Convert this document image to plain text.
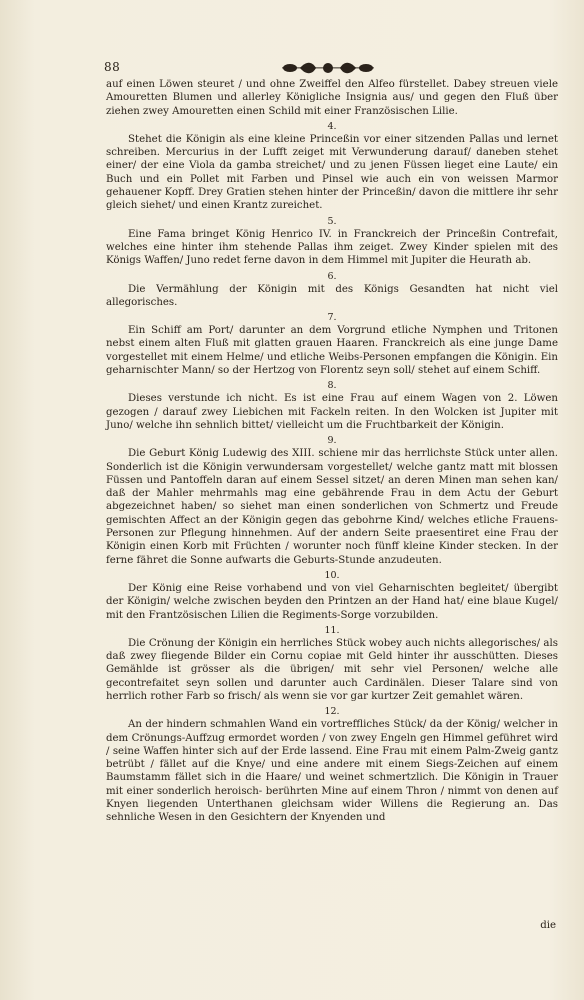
88

auf einen Löwen steuret / und ohne Zweiffel den Alfeo fürstellet. Dabey streuen viele Amouretten Blumen und allerley Königliche Insignia aus/ und gegen den Fluß über ziehen zwey Amouretten einen Schild mit einer Französischen Lilie.

4.

Stehet die Königin als eine kleine Princeßin vor einer sitzenden Pallas und lernet schreiben. Mercurius in der Lufft zeiget mit Verwunderung darauf/ daneben stehet einer/ der eine Viola da gamba streichet/ und zu jenen Füssen lieget eine Laute/ ein Buch und ein Pollet mit Farben und Pinsel wie auch ein von weissen Marmor gehauener Kopff. Drey Gratien stehen hinter der Princeßin/ davon die mittlere ihr sehr gleich siehet/ und einen Krantz zureichet.

5.

Eine Fama bringet König Henrico IV. in Franckreich der Princeßin Contrefait, welches eine hinter ihm stehende Pallas ihm zeiget. Zwey Kinder spielen mit des Königs Waffen/ Juno redet ferne davon in dem Himmel mit Jupiter die Heurath ab.

6.

Die Vermählung der Königin mit des Königs Gesandten hat nicht viel allegorisches.

7.

Ein Schiff am Port/ darunter an dem Vorgrund etliche Nymphen und Tritonen nebst einem alten Fluß mit glatten grauen Haaren. Franckreich als eine junge Dame vorgestellet mit einem Helme/ und etliche Weibs-Personen empfangen die Königin. Ein geharnischter Mann/ so der Hertzog von Florentz seyn soll/ stehet auf einem Schiff.

8.

Dieses verstunde ich nicht. Es ist eine Frau auf einem Wagen von 2. Löwen gezogen / darauf zwey Liebichen mit Fackeln reiten. In den Wolcken ist Jupiter mit Juno/ welche ihn sehnlich bittet/ vielleicht um die Fruchtbarkeit der Königin.

9.

Die Geburt König Ludewig des XIII. schiene mir das herrlichste Stück unter allen. Sonderlich ist die Königin verwundersam vorgestellet/ welche gantz matt mit blossen Füssen und Pantoffeln daran auf einem Sessel sitzet/ an deren Minen man sehen kan/ daß der Mahler mehrmahls mag eine gebährende Frau in dem Actu der Geburt abgezeichnet haben/ so siehet man einen sonderlichen von Schmertz und Freude gemischten Affect an der Königin gegen das gebohrne Kind/ welches etliche Frauens-Personen zur Pflegung hinnehmen. Auf der andern Seite praesentiret eine Frau der Königin einen Korb mit Früchten / worunter noch fünff kleine Kinder stecken. In der ferne fähret die Sonne aufwarts die Geburts-Stunde anzudeuten.

10.

Der König eine Reise vorhabend und von viel Geharnischten begleitet/ übergibt der Königin/ welche zwischen beyden den Printzen an der Hand hat/ eine blaue Kugel/ mit den Frantzösischen Lilien die Regiments-Sorge vorzubilden.

11.

Die Crönung der Königin ein herrliches Stück wobey auch nichts allegorisches/ als daß zwey fliegende Bilder ein Cornu copiae mit Geld hinter ihr ausschütten. Dieses Gemählde ist grösser als die übrigen/ mit sehr viel Personen/ welche alle gecontrefaitet seyn sollen und darunter auch Cardinälen. Dieser Talare sind von herrlich rother Farb so frisch/ als wenn sie vor gar kurtzer Zeit gemahlet wären.

12.

An der hindern schmahlen Wand ein vortreffliches Stück/ da der König/ welcher in dem Crönungs-Auffzug ermordet worden / von zwey Engeln gen Himmel geführet wird / seine Waffen hinter sich auf der Erde lassend. Eine Frau mit einem Palm-Zweig gantz betrübt / fället auf die Knye/ und eine andere mit einem Siegs-Zeichen auf einem Baumstamm fället sich in die Haare/ und weinet schmertzlich. Die Königin in Trauer mit einer sonderlich heroisch- berührten Mine auf einem Thron / nimmt von denen auf Knyen liegenden Unterthanen gleichsam wider Willens die Regierung an. Das sehnliche Wesen in den Gesichtern der Knyenden und

die
